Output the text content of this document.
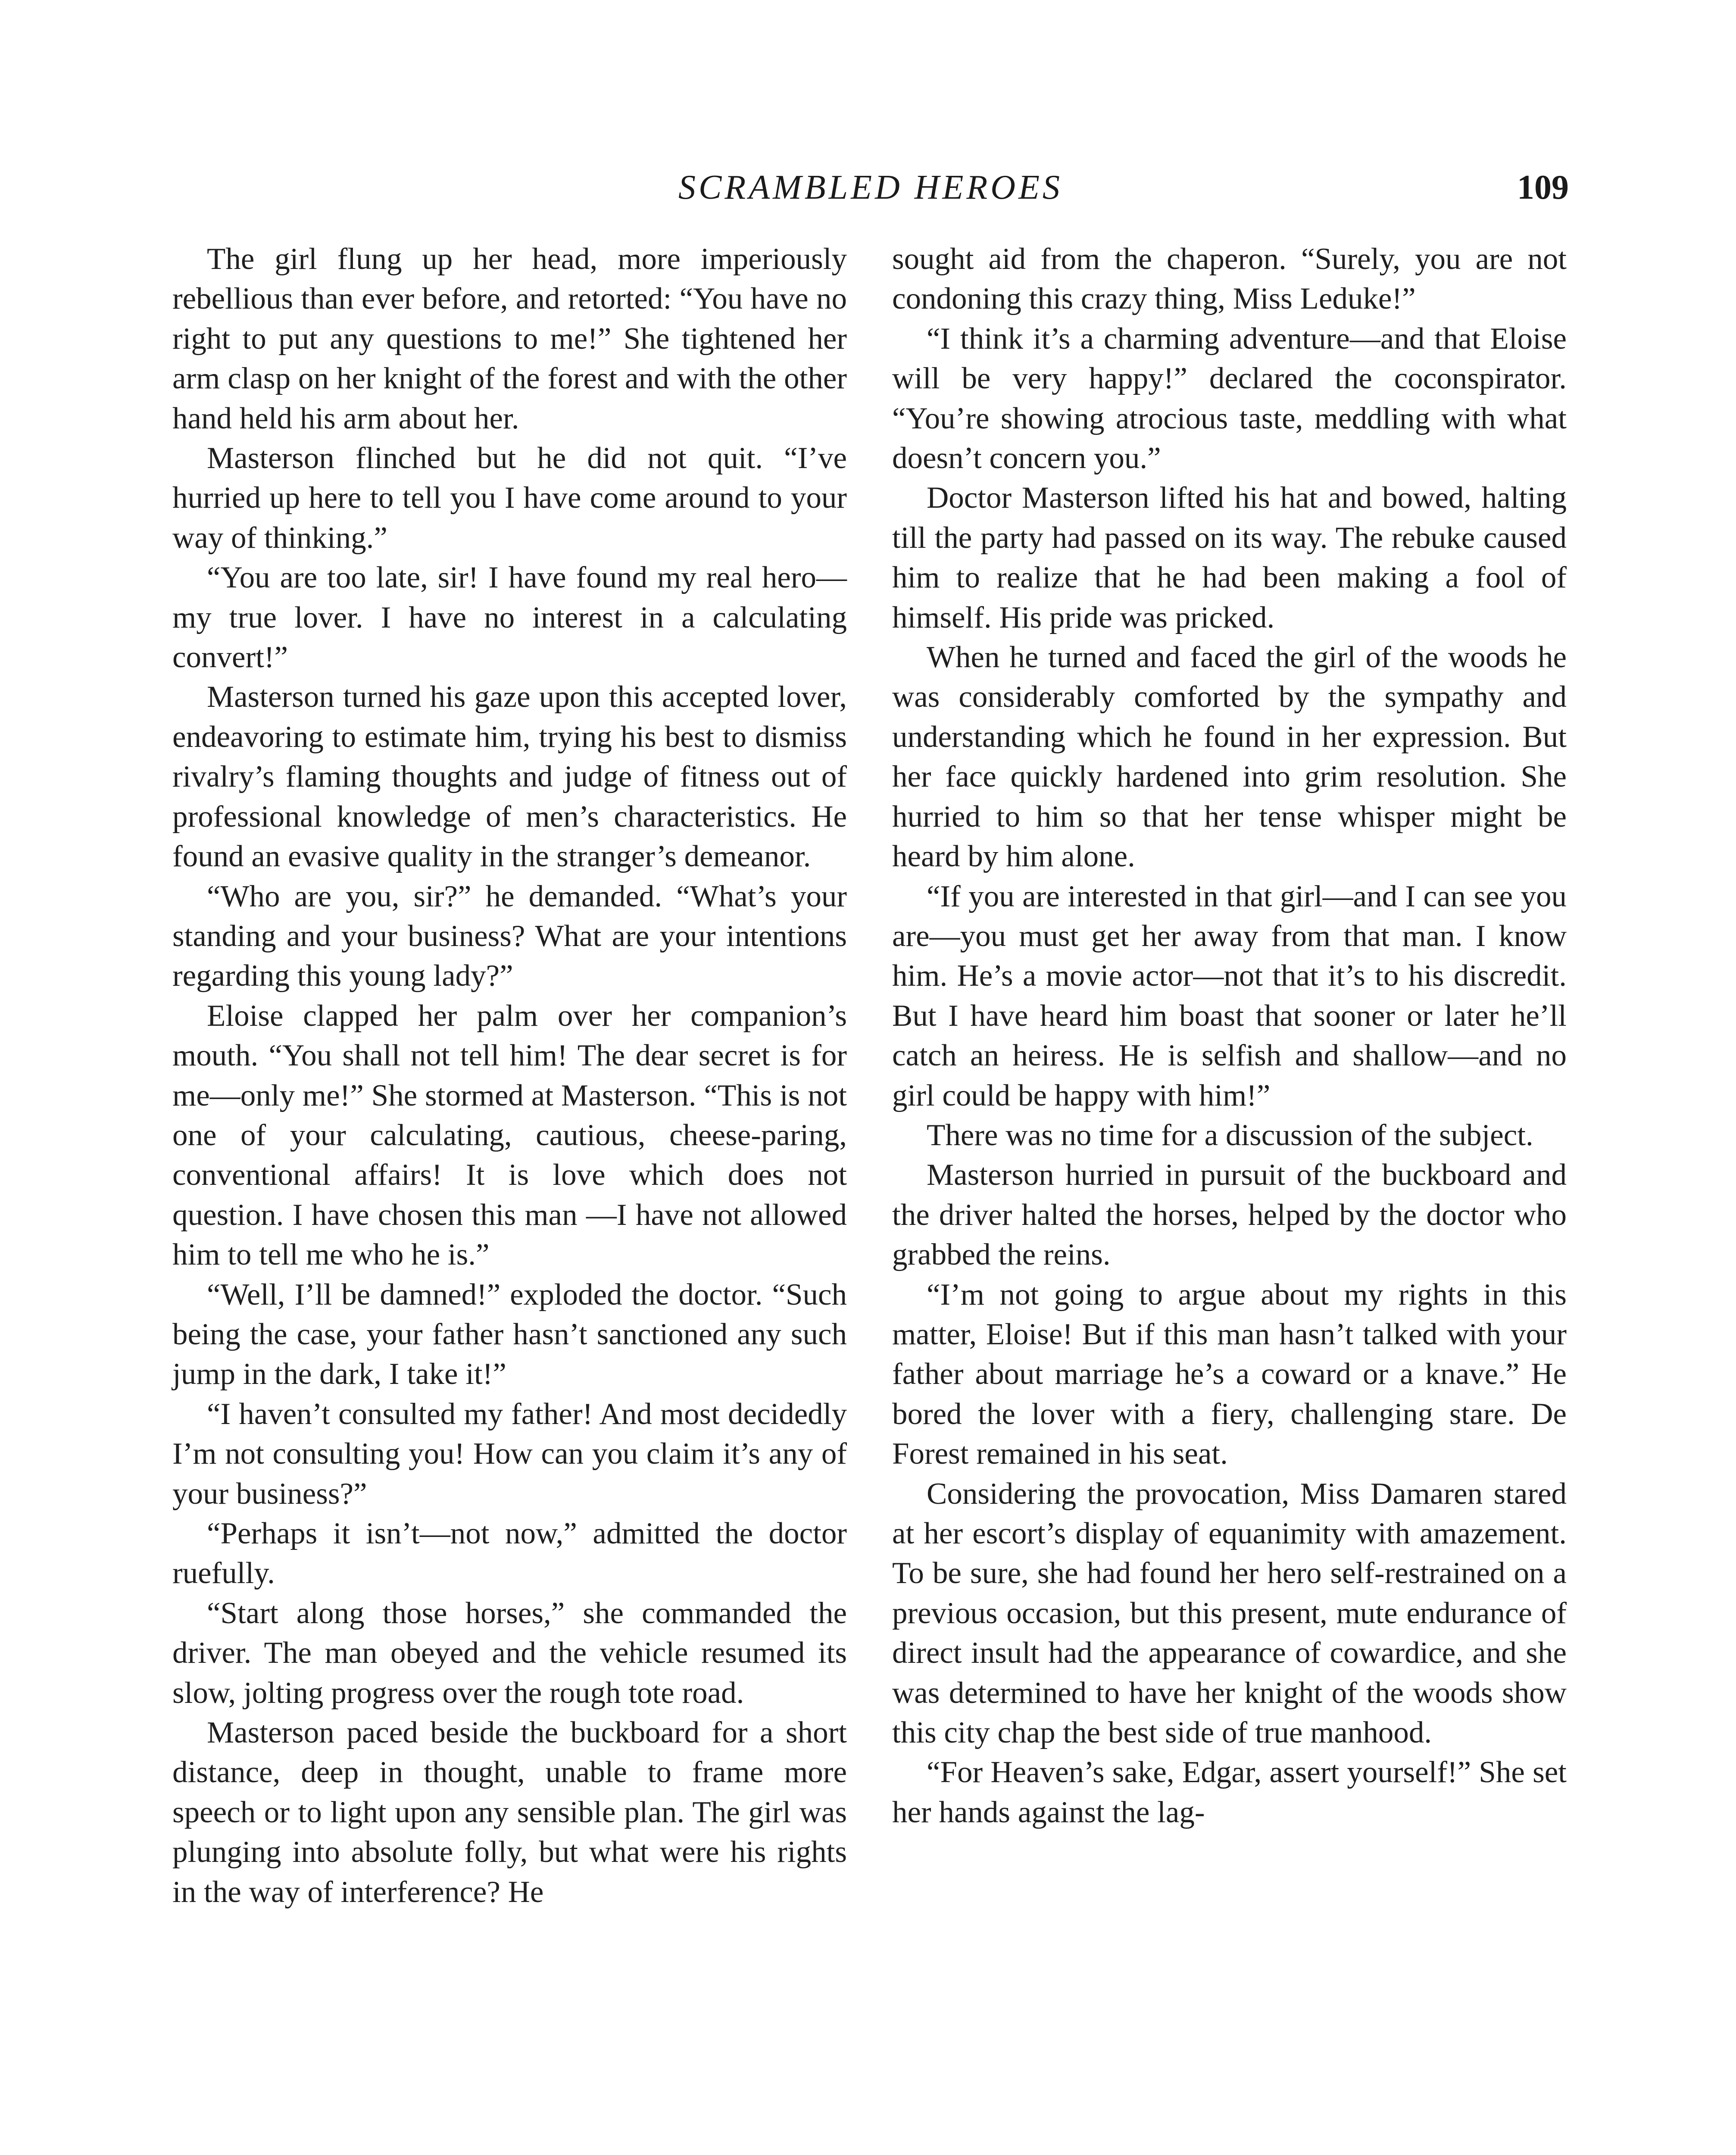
SCRAMBLED HEROES	109

The girl flung up her head, more imperiously rebellious than ever before, and retorted: “You have no right to put any questions to me!” She tightened her arm clasp on her knight of the forest and with the other hand held his arm about her.

Masterson flinched but he did not quit. “I’ve hurried up here to tell you I have come around to your way of thinking.”

“You are too late, sir! I have found my real hero—my true lover. I have no interest in a calculating convert!”

Masterson turned his gaze upon this accepted lover, endeavoring to estimate him, trying his best to dismiss rivalry’s flaming thoughts and judge of fitness out of professional knowledge of men’s characteristics. He found an evasive quality in the stranger’s demeanor.

“Who are you, sir?” he demanded. “What’s your standing and your business? What are your intentions regarding this young lady?”

Eloise clapped her palm over her companion’s mouth. “You shall not tell him! The dear secret is for me—only me!” She stormed at Masterson. “This is not one of your calculating, cautious, cheese-paring, conventional affairs! It is love which does not question. I have chosen this man —I have not allowed him to tell me who he is.”

“Well, I’ll be damned!” exploded the doctor. “Such being the case, your father hasn’t sanctioned any such jump in the dark, I take it!”

“I haven’t consulted my father! And most decidedly I’m not consulting you! How can you claim it’s any of your business?”

“Perhaps it isn’t—not now,” admitted the doctor ruefully.

“Start along those horses,” she commanded the driver. The man obeyed and the vehicle resumed its slow, jolting progress over the rough tote road.

Masterson paced beside the buckboard for a short distance, deep in thought, unable to frame more speech or to light upon any sensible plan. The girl was plunging into absolute folly, but what were his rights in the way of interference? He

sought aid from the chaperon. “Surely, you are not condoning this crazy thing, Miss Leduke!”

“I think it’s a charming adventure—and that Eloise will be very happy!” declared the coconspirator. “You’re showing atrocious taste, meddling with what doesn’t concern you.”

Doctor Masterson lifted his hat and bowed, halting till the party had passed on its way. The rebuke caused him to realize that he had been making a fool of himself. His pride was pricked.

When he turned and faced the girl of the woods he was considerably comforted by the sympathy and understanding which he found in her expression. But her face quickly hardened into grim resolution. She hurried to him so that her tense whisper might be heard by him alone.

“If you are interested in that girl—and I can see you are—you must get her away from that man. I know him. He’s a movie actor—not that it’s to his discredit. But I have heard him boast that sooner or later he’ll catch an heiress. He is selfish and shallow—and no girl could be happy with him!”

There was no time for a discussion of the subject.

Masterson hurried in pursuit of the buckboard and the driver halted the horses, helped by the doctor who grabbed the reins.

“I’m not going to argue about my rights in this matter, Eloise! But if this man hasn’t talked with your father about marriage he’s a coward or a knave.” He bored the lover with a fiery, challenging stare. De Forest remained in his seat.

Considering the provocation, Miss Damaren stared at her escort’s display of equanimity with amazement. To be sure, she had found her hero self-restrained on a previous occasion, but this present, mute endurance of direct insult had the appearance of cowardice, and she was determined to have her knight of the woods show this city chap the best side of true manhood.

“For Heaven’s sake, Edgar, assert yourself!” She set her hands against the lag-
